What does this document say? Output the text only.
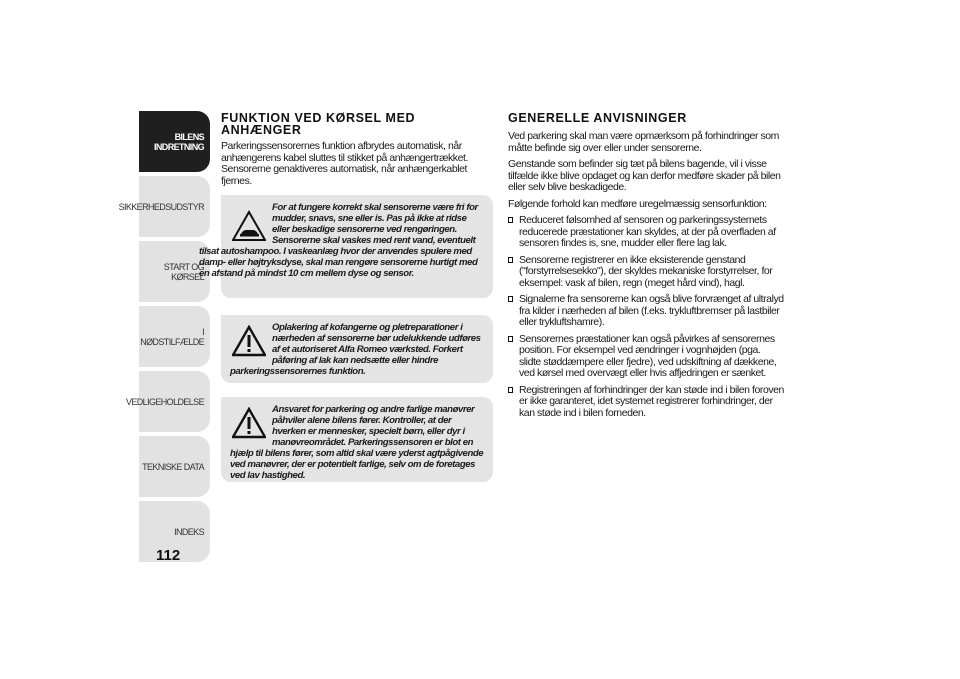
BILENS
INDRETNING
SIKKERHEDSUDSTYR
START OG KØRSEL
I NØDSTILFÆLDE
VEDLIGEHOLDELSE
TEKNISKE DATA
INDEKS
112
FUNKTION VED KØRSEL MED
ANHÆNGER

Parkeringssensorernes funktion afbrydes automatisk, når anhængerens kabel sluttes til stikket på anhængertrækket. Sensorerne genaktiveres automatisk, når anhængerkablet fjernes.

For at fungere korrekt skal sensorerne være fri for mudder, snavs, sne eller is. Pas på ikke at ridse eller beskadige sensorerne ved rengøringen. Sensorerne skal vaskes med rent vand, eventuelt tilsat autoshampoo. I vaskeanlæg hvor der anvendes spulere med damp- eller højtryksdyse, skal man rengøre sensorerne hurtigt med en afstand på mindst 10 cm mellem dyse og sensor.
Oplakering af kofangerne og pletreparationer i nærheden af sensorerne bør udelukkende udføres af et autoriseret Alfa Romeo værksted. Forkert påføring af lak kan nedsætte eller hindre parkeringssensorernes funktion.
Ansvaret for parkering og andre farlige manøvrer påhviler alene bilens fører. Kontroller, at der hverken er mennesker, specielt børn, eller dyr i manøvreområdet. Parkeringssensoren er blot en hjælp til bilens fører, som altid skal være yderst agtpågivende ved manøvrer, der er potentielt farlige, selv om de foretages ved lav hastighed.
GENERELLE ANVISNINGER

Ved parkering skal man være opmærksom på forhindringer som måtte befinde sig over eller under sensorerne.

Genstande som befinder sig tæt på bilens bagende, vil i visse tilfælde ikke blive opdaget og kan derfor medføre skader på bilen eller selv blive beskadigede.

Følgende forhold kan medføre uregelmæssig sensorfunktion:

Reduceret følsomhed af sensoren og parkeringssystemets reducerede præstationer kan skyldes, at der på overfladen af sensoren findes is, sne, mudder eller flere lag lak.
Sensorerne registrerer en ikke eksisterende genstand ("forstyrrelsesekko"), der skyldes mekaniske forstyrrelser, for eksempel: vask af bilen, regn (meget hård vind), hagl.
Signalerne fra sensorerne kan også blive forvrænget af ultralyd fra kilder i nærheden af bilen (f.eks. trykluftbremser på lastbiler eller trykluftshamre).
Sensorernes præstationer kan også påvirkes af sensorernes position. For eksempel ved ændringer i vognhøjden (pga. slidte støddæmpere eller fjedre), ved udskiftning af dækkene, ved kørsel med overvægt eller hvis affjedringen er sænket.
Registreringen af forhindringer der kan støde ind i bilen foroven er ikke garanteret, idet systemet registrerer forhindringer, der kan støde ind i bilen forneden.
